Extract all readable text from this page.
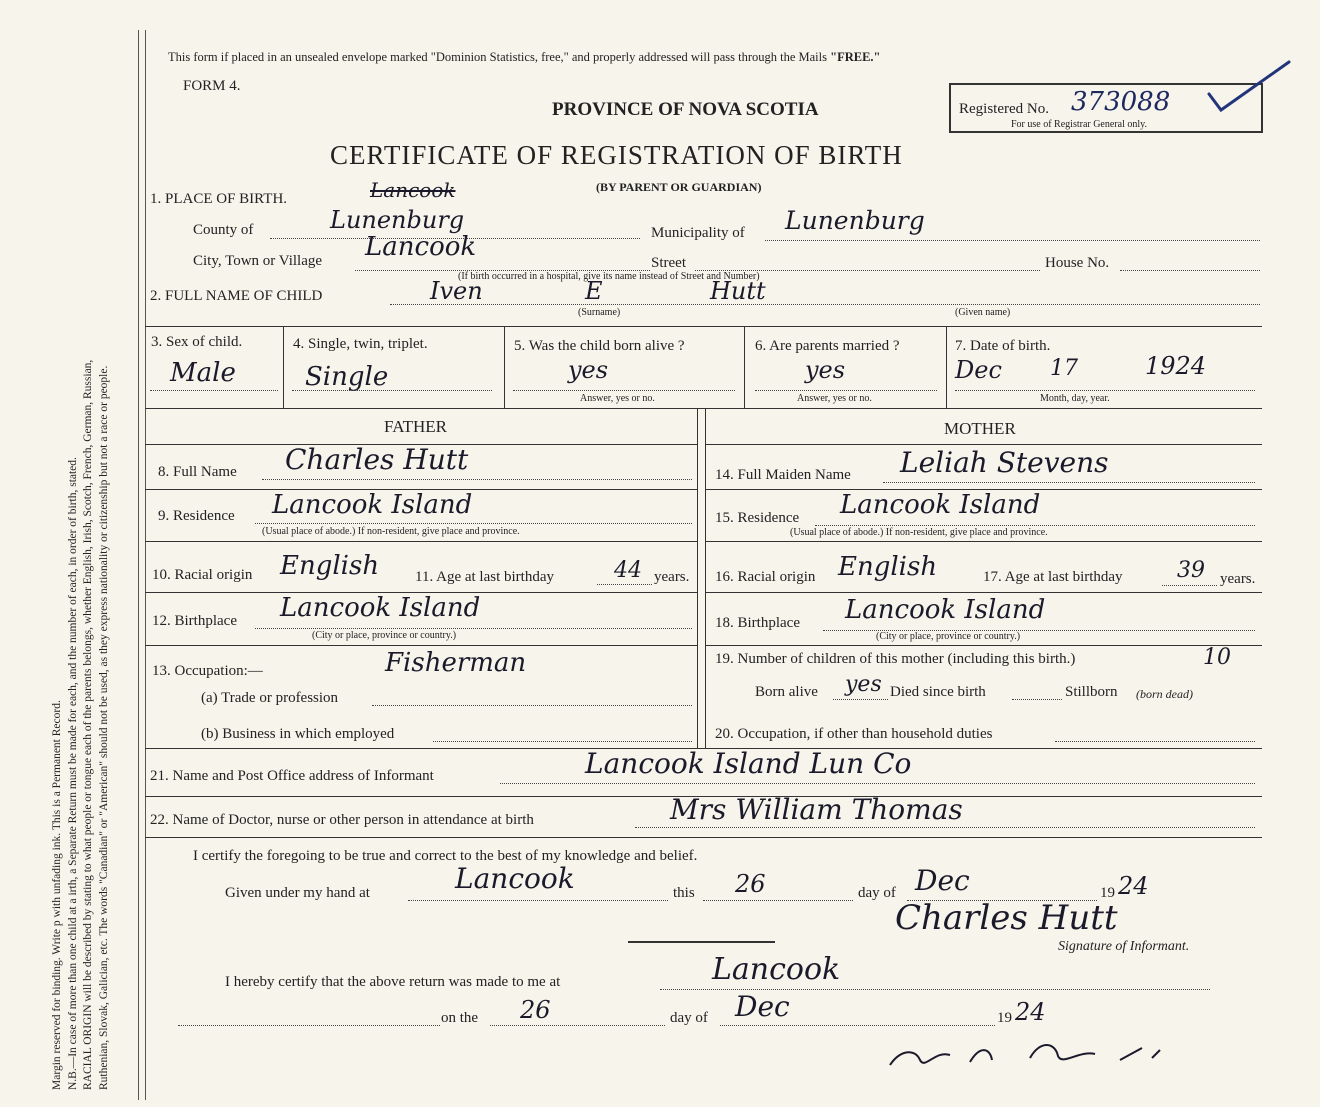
Margin reserved for binding. Write p with unfading ink. This is a Permanent Record. N.B.—In case of more than one child at a irth, a Separate Return must be made for each, and the number of each, in order of birth, stated. RACIAL ORIGIN will be described by stating to what people or tongue each of the parents belongs, whether English, Irish, Scotch, French, German, Russian, Ruthenian, Slovak, Galician, etc. The words "Canadian" or "American" should not be used, as they express nationality or citizenship but not a race or people.

This form if placed in an unsealed envelope marked "Dominion Statistics, free," and properly addressed will pass through the Mails "FREE."
FORM 4.
PROVINCE OF NOVA SCOTIA
CERTIFICATE OF REGISTRATION OF BIRTH
(BY PARENT OR GUARDIAN)
Registered No. 373088
For use of Registrar General only.
1. PLACE OF BIRTH.	Lancook
County of	Lunenburg	Municipality of Lunenburg
City, Town or Village Lancook
Street	House No.
(If birth occurred in a hospital, give its name instead of Street and Number)
2. FULL NAME OF CHILD	Iven	E	Hutt
(Surname)	(Given name)
3. Sex of child.
Male
4. Single, twin, triplet.
Single
5. Was the child born alive ?
yes
Answer, yes or no.
6. Are parents married ?
yes
Answer, yes or no.
7. Date of birth.
Dec 17	1924
Month, day, year.
FATHER	MOTHER
8. Full Name Charles Hutt
9. Residence Lancook Island
(Usual place of abode.) If non-resident, give place and province.
10. Racial origin English 11. Age at last birthday	44 years.
12. Birthplace Lancook Island
(City or place, province or country.)
13. Occupation:—	Fisherman
(a) Trade or profession
(b) Business in which employed
14. Full Maiden Name Leliah Stevens
15. Residence Lancook Island
(Usual place of abode.) If non-resident, give place and province.
16. Racial origin English	17. Age at last birthday 39 years.
18. Birthplace Lancook Island
(City or place, province or country.)
19. Number of children of this mother (including this birth.)	10
Born alive yes Died since birth	Stillborn (born dead)
20. Occupation, if other than household duties
21. Name and Post Office address of Informant	Lancook Island Lun Co
22. Name of Doctor, nurse or other person in attendance at birth	Mrs William Thomas
I certify the foregoing to be true and correct to the best of my knowledge and belief.
Given under my hand at	Lancook	this 26	day of Dec	19 24
Charles Hutt
Signature of Informant.
I hereby certify that the above return was made to me at	Lancook
on the 26	day of Dec	19 24
